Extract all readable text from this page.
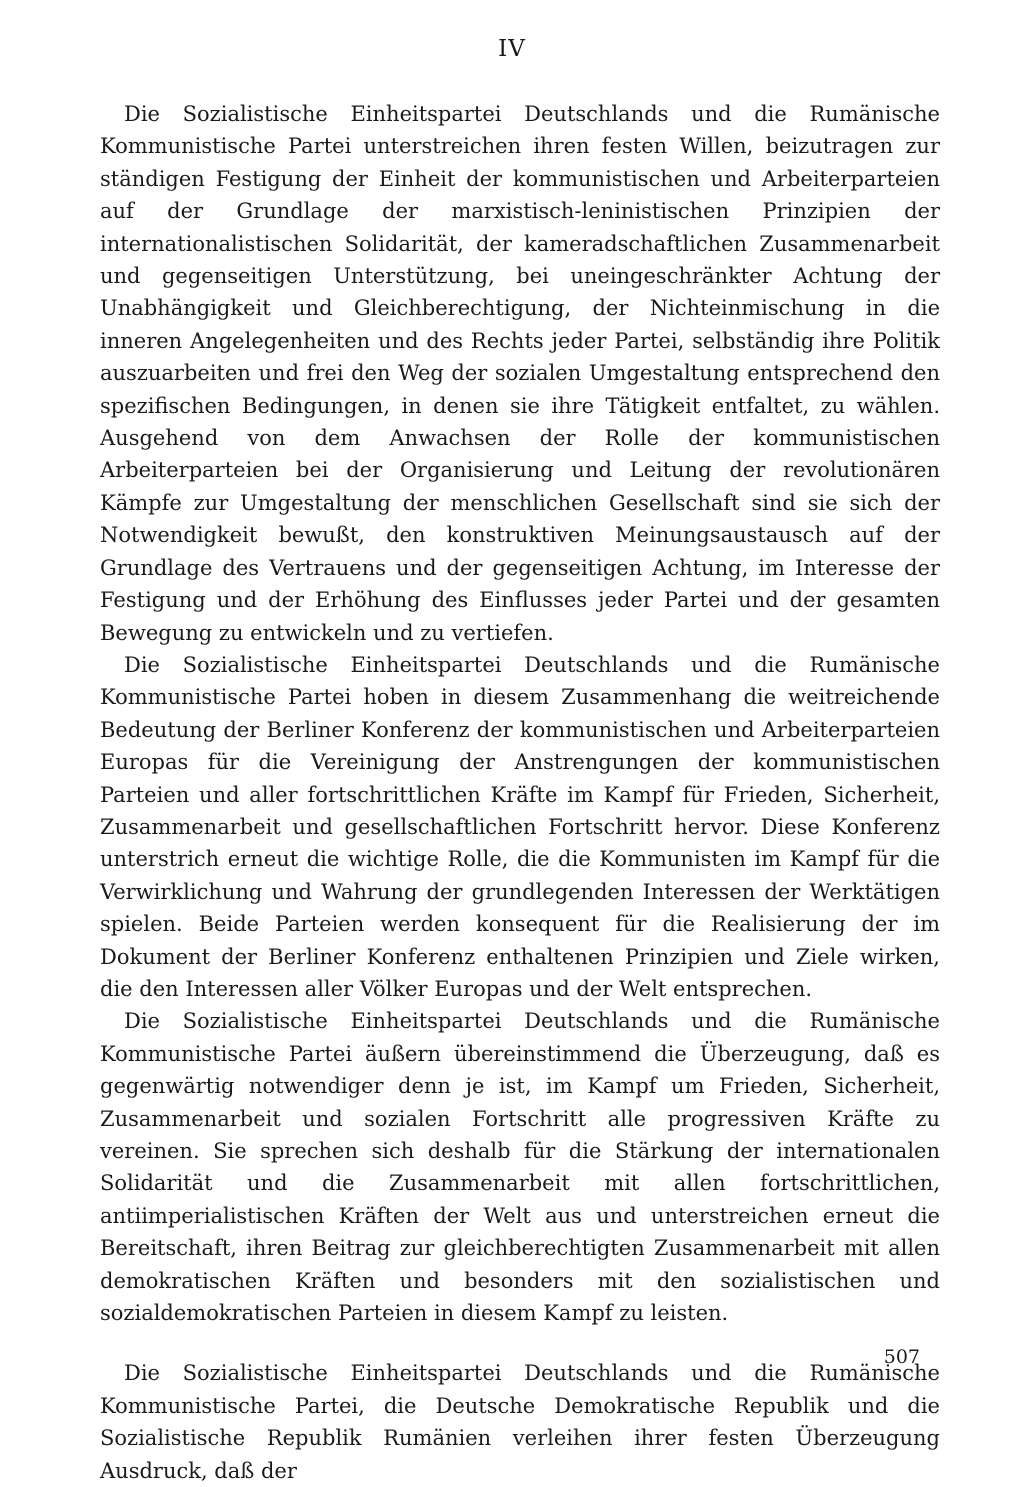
IV

Die Sozialistische Einheitspartei Deutschlands und die Rumänische Kommunistische Partei unterstreichen ihren festen Willen, beizutragen zur ständigen Festigung der Einheit der kommunistischen und Arbeiterparteien auf der Grundlage der marxistisch-leninistischen Prinzipien der internationalistischen Solidarität, der kameradschaftlichen Zusammenarbeit und gegenseitigen Unterstützung, bei uneingeschränkter Achtung der Unabhängigkeit und Gleichberechtigung, der Nichteinmischung in die inneren Angelegenheiten und des Rechts jeder Partei, selbständig ihre Politik auszuarbeiten und frei den Weg der sozialen Umgestaltung entsprechend den spezifischen Bedingungen, in denen sie ihre Tätigkeit entfaltet, zu wählen. Ausgehend von dem Anwachsen der Rolle der kommunistischen Arbeiterparteien bei der Organisierung und Leitung der revolutionären Kämpfe zur Umgestaltung der menschlichen Gesellschaft sind sie sich der Notwendigkeit bewußt, den konstruktiven Meinungsaustausch auf der Grundlage des Vertrauens und der gegenseitigen Achtung, im Interesse der Festigung und der Erhöhung des Einflusses jeder Partei und der gesamten Bewegung zu entwickeln und zu vertiefen.

Die Sozialistische Einheitspartei Deutschlands und die Rumänische Kommunistische Partei hoben in diesem Zusammenhang die weitreichende Bedeutung der Berliner Konferenz der kommunistischen und Arbeiterparteien Europas für die Vereinigung der Anstrengungen der kommunistischen Parteien und aller fortschrittlichen Kräfte im Kampf für Frieden, Sicherheit, Zusammenarbeit und gesellschaftlichen Fortschritt hervor. Diese Konferenz unterstrich erneut die wichtige Rolle, die die Kommunisten im Kampf für die Verwirklichung und Wahrung der grundlegenden Interessen der Werktätigen spielen. Beide Parteien werden konsequent für die Realisierung der im Dokument der Berliner Konferenz enthaltenen Prinzipien und Ziele wirken, die den Interessen aller Völker Europas und der Welt entsprechen.

Die Sozialistische Einheitspartei Deutschlands und die Rumänische Kommunistische Partei äußern übereinstimmend die Überzeugung, daß es gegenwärtig notwendiger denn je ist, im Kampf um Frieden, Sicherheit, Zusammenarbeit und sozialen Fortschritt alle progressiven Kräfte zu vereinen. Sie sprechen sich deshalb für die Stärkung der internationalen Solidarität und die Zusammenarbeit mit allen fortschrittlichen, antiimperialistischen Kräften der Welt aus und unterstreichen erneut die Bereitschaft, ihren Beitrag zur gleichberechtigten Zusammenarbeit mit allen demokratischen Kräften und besonders mit den sozialistischen und sozialdemokratischen Parteien in diesem Kampf zu leisten.

Die Sozialistische Einheitspartei Deutschlands und die Rumänische Kommunistische Partei, die Deutsche Demokratische Republik und die Sozialistische Republik Rumänien verleihen ihrer festen Überzeugung Ausdruck, daß der

507
